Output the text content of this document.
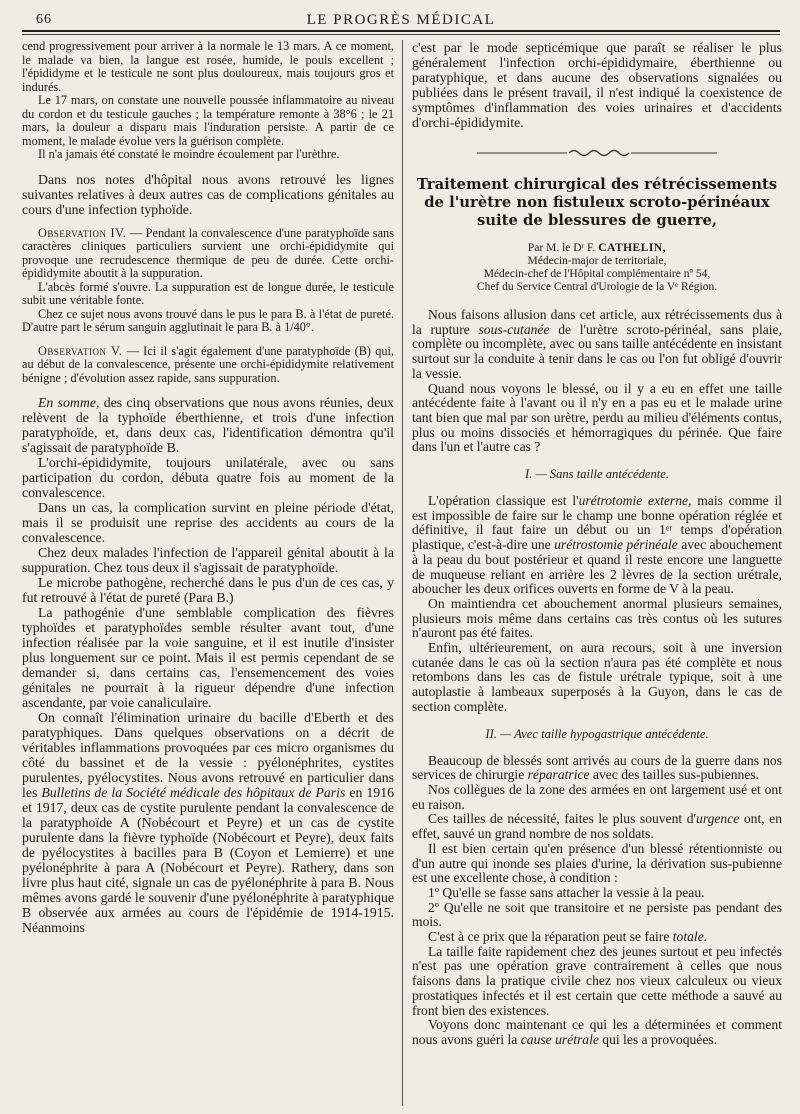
66	LE PROGRÈS MÉDICAL

cend progressivement pour arriver à la normale le 13 mars. A ce moment, le malade va bien, la langue est rosée, humide, le pouls excellent ; l'épididyme et le testicule ne sont plus douloureux, mais toujours gros et indurés.

Le 17 mars, on constate une nouvelle poussée inflammatoire au niveau du cordon et du testicule gauches ; la température remonte à 38°6 ; le 21 mars, la douleur a disparu mais l'induration persiste. A partir de ce moment, le malade évolue vers la guérison complète.

Il n'a jamais été constaté le moindre écoulement par l'urèthre.

Dans nos notes d'hôpital nous avons retrouvé les lignes suivantes relatives à deux autres cas de complications génitales au cours d'une infection typhoïde.

Observation IV. — Pendant la convalescence d'une paratyphoïde sans caractères cliniques particuliers survient une orchi-épididymite qui provoque une recrudescence thermique de peu de durée. Cette orchi-épididymite aboutit à la suppuration.

L'abcès formé s'ouvre. La suppuration est de longue durée, le testicule subit une véritable fonte.

Chez ce sujet nous avons trouvé dans le pus le para B. à l'état de pureté. D'autre part le sérum sanguin agglutinait le para B. à 1/40°.

Observation V. — Ici il s'agit également d'une paratyphoïde (B) qui, au début de la convalescence, présente une orchi-épididymite relativement bénigne ; d'évolution assez rapide, sans suppuration.

En somme, des cinq observations que nous avons réunies, deux relèvent de la typhoïde éberthienne, et trois d'une infection paratyphoïde, et, dans deux cas, l'identification démontra qu'il s'agissait de paratyphoïde B.

L'orchi-épididymite, toujours unilatérale, avec ou sans participation du cordon, débuta quatre fois au moment de la convalescence.

Dans un cas, la complication survint en pleine période d'état, mais il se produisit une reprise des accidents au cours de la convalescence.

Chez deux malades l'infection de l'appareil génital aboutit à la suppuration. Chez tous deux il s'agissait de paratyphoïde.

Le microbe pathogène, recherché dans le pus d'un de ces cas, y fut retrouvé à l'état de pureté (Para B.)

La pathogénie d'une semblable complication des fièvres typhoïdes et paratyphoïdes semble résulter avant tout, d'une infection réalisée par la voie sanguine, et il est inutile d'insister plus longuement sur ce point. Mais il est permis cependant de se demander si, dans certains cas, l'ensemencement des voies génitales ne pourrait à la rigueur dépendre d'une infection ascendante, par voie canaliculaire.

On connaît l'élimination urinaire du bacille d'Eberth et des paratyphiques. Dans quelques observations on a décrit de véritables inflammations provoquées par ces micro organismes du côté du bassinet et de la vessie : pyélonéphrites, cystites purulentes, pyélocystites. Nous avons retrouvé en particulier dans les Bulletins de la Société médicale des hôpitaux de Paris en 1916 et 1917, deux cas de cystite purulente pendant la convalescence de la paratyphoïde A (Nobécourt et Peyre) et un cas de cystite purulente dans la fièvre typhoïde (Nobécourt et Peyre), deux faits de pyélocystites à bacilles para B (Coyon et Lemierre) et une pyélonéphrite à para A (Nobécourt et Peyre). Rathery, dans son livre plus haut cité, signale un cas de pyélonéphrite à para B. Nous mêmes avons gardé le souvenir d'une pyélonéphrite à paratyphique B observée aux armées au cours de l'épidémie de 1914-1915. Néanmoins

c'est par le mode septicémique que paraît se réaliser le plus généralement l'infection orchi-épididymaire, éberthienne ou paratyphique, et dans aucune des observations signalées ou publiées dans le présent travail, il n'est indiqué la coexistence de symptômes d'inflammation des voies urinaires et d'accidents d'orchi-épididymite.

Traitement chirurgical des rétrécissements de l'urètre non fistuleux scroto-périnéaux suite de blessures de guerre,

Par M. le Dʳ F. CATHELIN,

Médecin-major de territoriale,

Médecin-chef de l'Hôpital complémentaire nº 54,

Chef du Service Central d'Urologie de la Vᵉ Région.

Nous faisons allusion dans cet article, aux rétrécissements dus à la rupture sous-cutanée de l'urètre scroto-périnéal, sans plaie, complète ou incomplète, avec ou sans taille antécédente en insistant surtout sur la conduite à tenir dans le cas ou l'on fut obligé d'ouvrir la vessie.

Quand nous voyons le blessé, ou il y a eu en effet une taille antécédente faite à l'avant ou il n'y en a pas eu et le malade urine tant bien que mal par son urètre, perdu au milieu d'éléments contus, plus ou moins dissociés et hémorragiques du périnée. Que faire dans l'un et l'autre cas ?

I. — Sans taille antécédente.

L'opération classique est l'urétrotomie externe, mais comme il est impossible de faire sur le champ une bonne opération réglée et définitive, il faut faire un début ou un 1ᵉʳ temps d'opération plastique, c'est-à-dire une urétrostomie périnéale avec abouchement à la peau du bout postérieur et quand il reste encore une languette de muqueuse reliant en arrière les 2 lèvres de la section urétrale, aboucher les deux orifices ouverts en forme de V à la peau.

On maintiendra cet abouchement anormal plusieurs semaines, plusieurs mois même dans certains cas très contus où les sutures n'auront pas été faites.

Enfin, ultérieurement, on aura recours, soit à une inversion cutanée dans le cas où la section n'aura pas été complète et nous retombons dans les cas de fistule urétrale typique, soit à une autoplastie à lambeaux superposés à la Guyon, dans le cas de section complète.

II. — Avec taille hypogastrique antécédente.

Beaucoup de blessés sont arrivés au cours de la guerre dans nos services de chirurgie réparatrice avec des tailles sus-pubiennes.

Nos collègues de la zone des armées en ont largement usé et ont eu raison.

Ces tailles de nécessité, faites le plus souvent d'urgence ont, en effet, sauvé un grand nombre de nos soldats.

Il est bien certain qu'en présence d'un blessé rétentionniste ou d'un autre qui inonde ses plaies d'urine, la dérivation sus-pubienne est une excellente chose, à condition :

1º Qu'elle se fasse sans attacher la vessie à la peau.

2º Qu'elle ne soit que transitoire et ne persiste pas pendant des mois.

C'est à ce prix que la réparation peut se faire totale.

La taille faite rapidement chez des jeunes surtout et peu infectés n'est pas une opération grave contrairement à celles que nous faisons dans la pratique civile chez nos vieux calculeux ou vieux prostatiques infectés et il est certain que cette méthode a sauvé au front bien des existences.

Voyons donc maintenant ce qui les a déterminées et comment nous avons guéri la cause urétrale qui les a provoquées.
